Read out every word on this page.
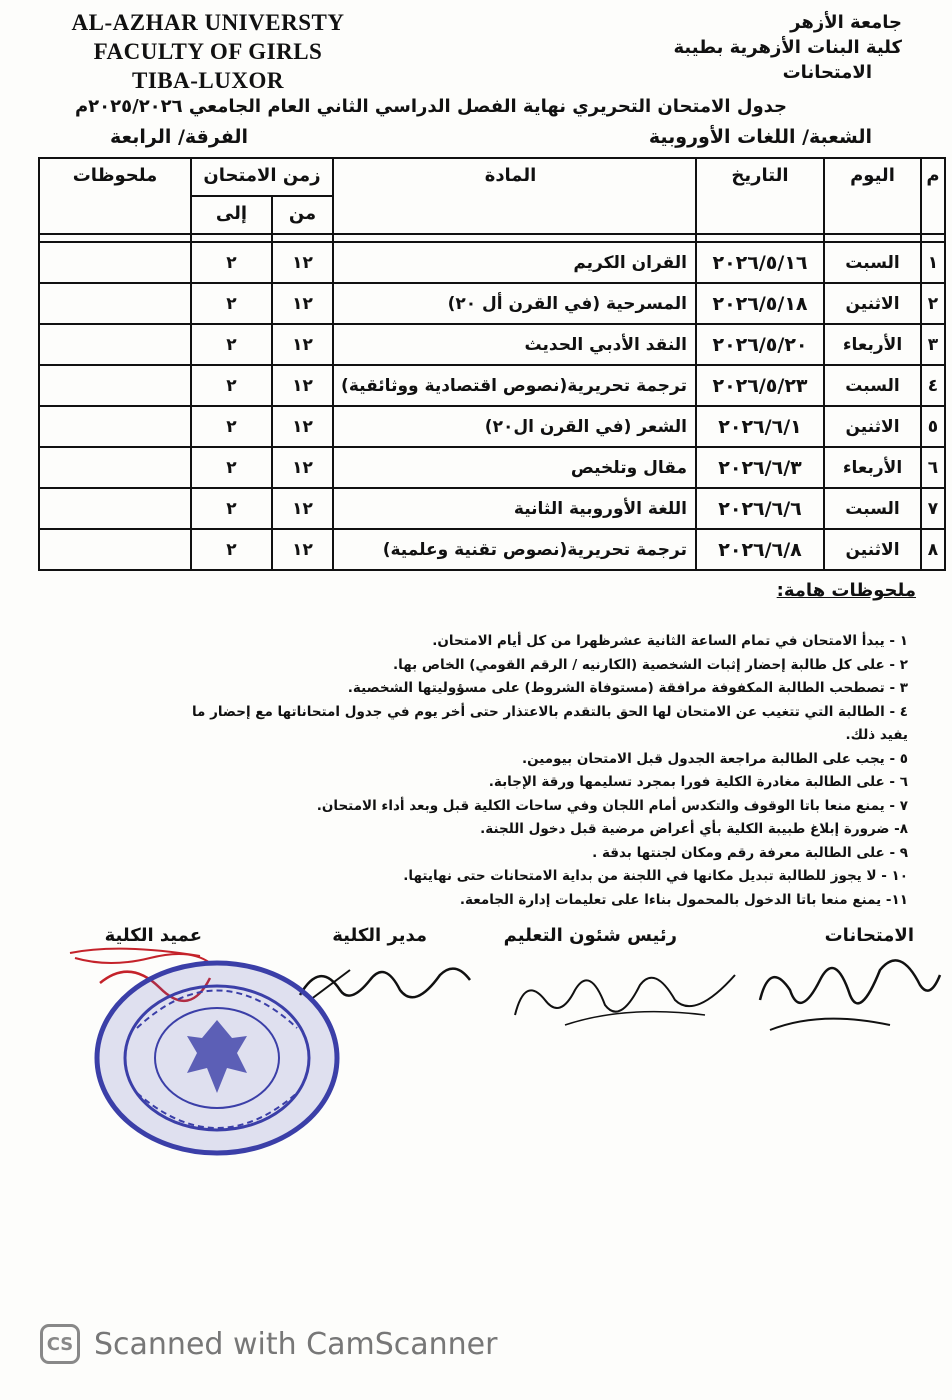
AL-AZHAR UNIVERSTY
FACULTY OF GIRLS
TIBA-LUXOR
جامعة الأزهر
كلية البنات الأزهرية بطيبة
الامتحانات
جدول الامتحان التحريري نهاية الفصل الدراسي الثاني العام الجامعي ٢٠٢٥/٢٠٢٦م
الشعبة/ اللغات الأوروبية
الفرقة/ الرابعة
م	اليوم	التاريخ	المادة	زمن الامتحان		ملحوظات
				من	إلى	

١	السبت	٢٠٢٦/٥/١٦	القران الكريم	١٢	٢	
٢	الاثنين	٢٠٢٦/٥/١٨	المسرحية (في القرن أل ٢٠)	١٢	٢	
٣	الأربعاء	٢٠٢٦/٥/٢٠	النقد الأدبي الحديث	١٢	٢	
٤	السبت	٢٠٢٦/٥/٢٣	ترجمة تحريرية(نصوص اقتصادية ووثائقية)	١٢	٢	
٥	الاثنين	٢٠٢٦/٦/١	الشعر (في القرن ال٢٠)	١٢	٢	
٦	الأربعاء	٢٠٢٦/٦/٣	مقال وتلخيص	١٢	٢	
٧	السبت	٢٠٢٦/٦/٦	اللغة الأوروبية الثانية	١٢	٢	
٨	الاثنين	٢٠٢٦/٦/٨	ترجمة تحريرية(نصوص تقنية وعلمية)	١٢	٢	
ملحوظات هامة:
١ - يبدأ الامتحان في تمام الساعة الثانية عشرظهرا من كل أيام الامتحان.
٢ - على كل طالبة إحضار إثبات الشخصية (الكارنيه / الرقم القومي) الخاص بها.
٣ - تصطحب الطالبة المكفوفة مرافقة (مستوفاة الشروط) على مسؤوليتها الشخصية.
٤ - الطالبة التي تتغيب عن الامتحان لها الحق بالتقدم بالاعتذار حتى أخر يوم في جدول امتحاناتها مع إحضار ما يفيد ذلك.
٥ - يجب على الطالبة مراجعة الجدول قبل الامتحان بيومين.
٦ - على الطالبة مغادرة الكلية فورا بمجرد تسليمها ورقة الإجابة.
٧ - يمنع منعا باتا الوقوف والتكدس أمام اللجان وفي ساحات الكلية قبل وبعد أداء الامتحان.
٨- ضرورة إبلاغ طبيبة الكلية بأي أعراض مرضية قبل دخول اللجنة.
٩ - على الطالبة معرفة رقم ومكان لجنتها بدقة .
١٠ - لا يجوز للطالبة تبديل مكانها في اللجنة من بداية الامتحانات حتى نهايتها.
١١- يمنع منعا باتا الدخول بالمحمول بناءا على تعليمات إدارة الجامعة.
الامتحانات
رئيس شئون التعليم
مدير الكلية
عميد الكلية
CS Scanned with CamScanner
